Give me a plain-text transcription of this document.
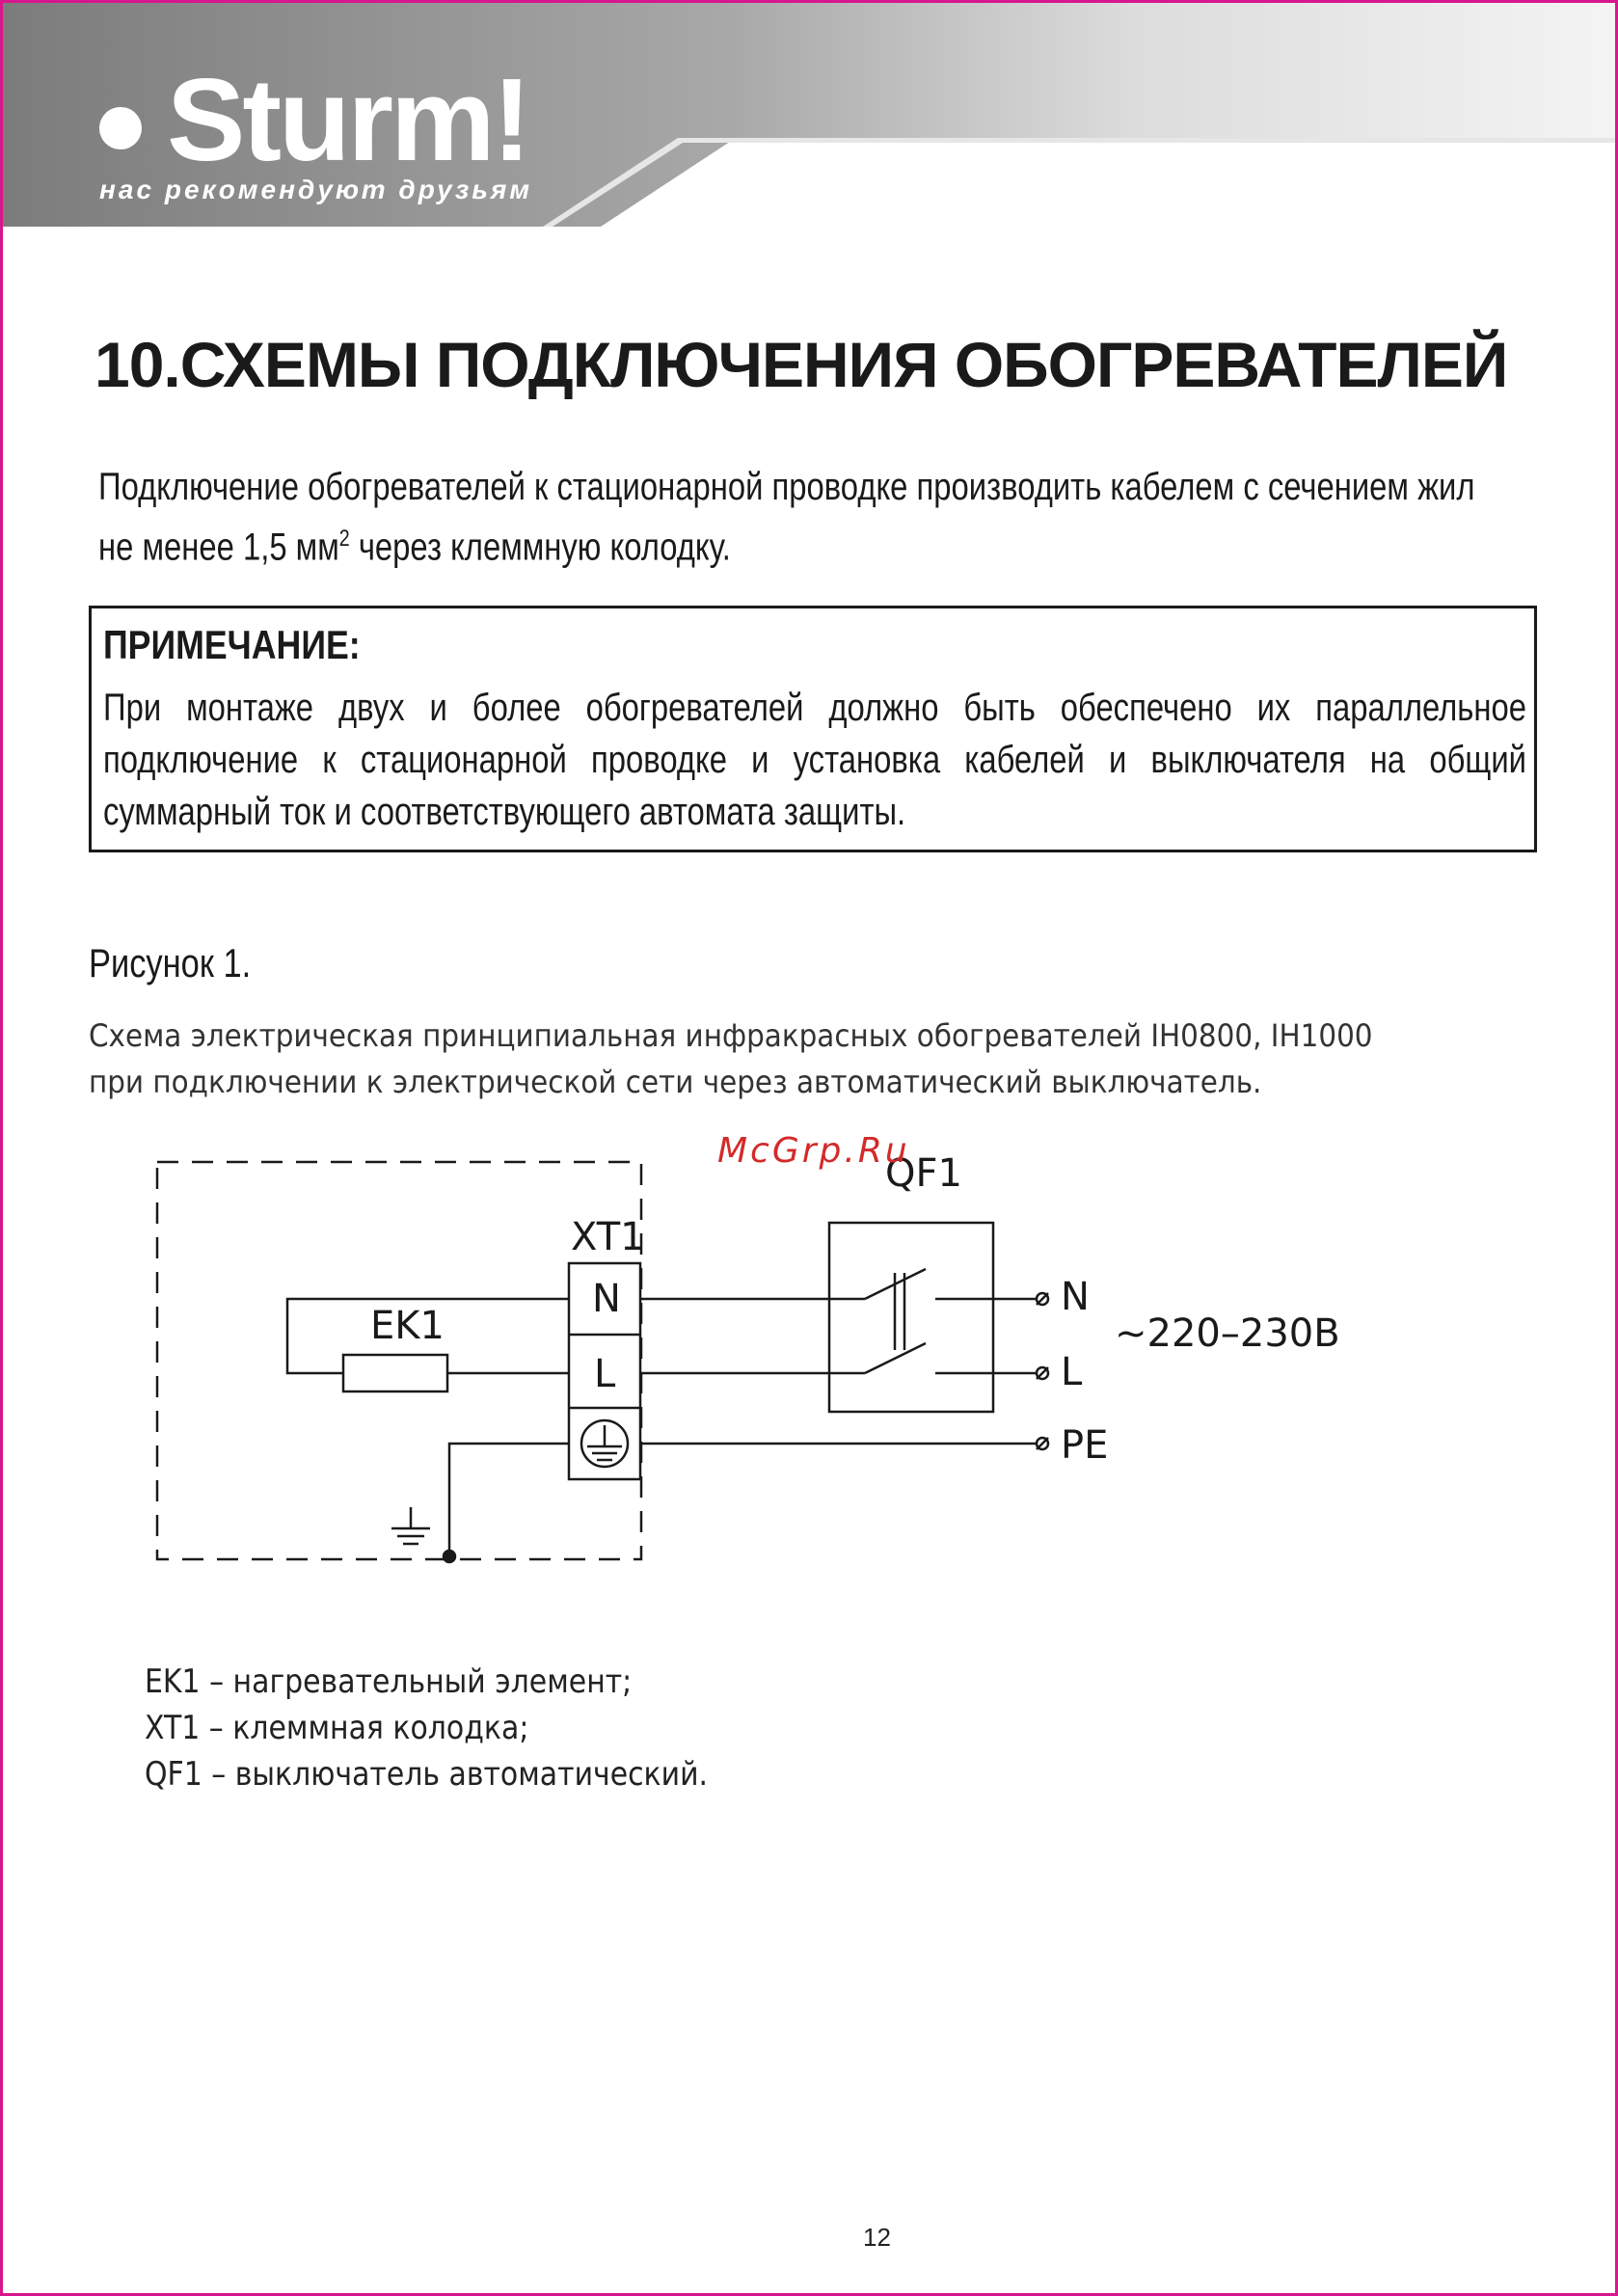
Sturm!
нас рекомендуют друзьям
10.СХЕМЫ ПОДКЛЮЧЕНИЯ ОБОГРЕВАТЕЛЕЙ

Подключение обогревателей к стационарной проводке производить кабелем с сечением жил не менее 1,5 $мм^2$ через клеммную колодку.

ПРИМЕЧАНИЕ:
При монтаже двух и более обогревателей должно быть обеспечено их параллельное подключение к стационарной проводке и установка кабелей и выключателя на общий суммарный ток и соответствующего автомата защиты.
Рисунок 1.
Схема электрическая принципиальная инфракрасных обогревателей IH0800, IH1000
при подключении к электрической сети через автоматический выключатель.
XT1
N
L
EK1
QF1
N
L
PE
~220–230В
McGrp.Ru
EK1 – нагревательный элемент;
XT1 – клеммная колодка;
QF1 – выключатель автоматический.
12
